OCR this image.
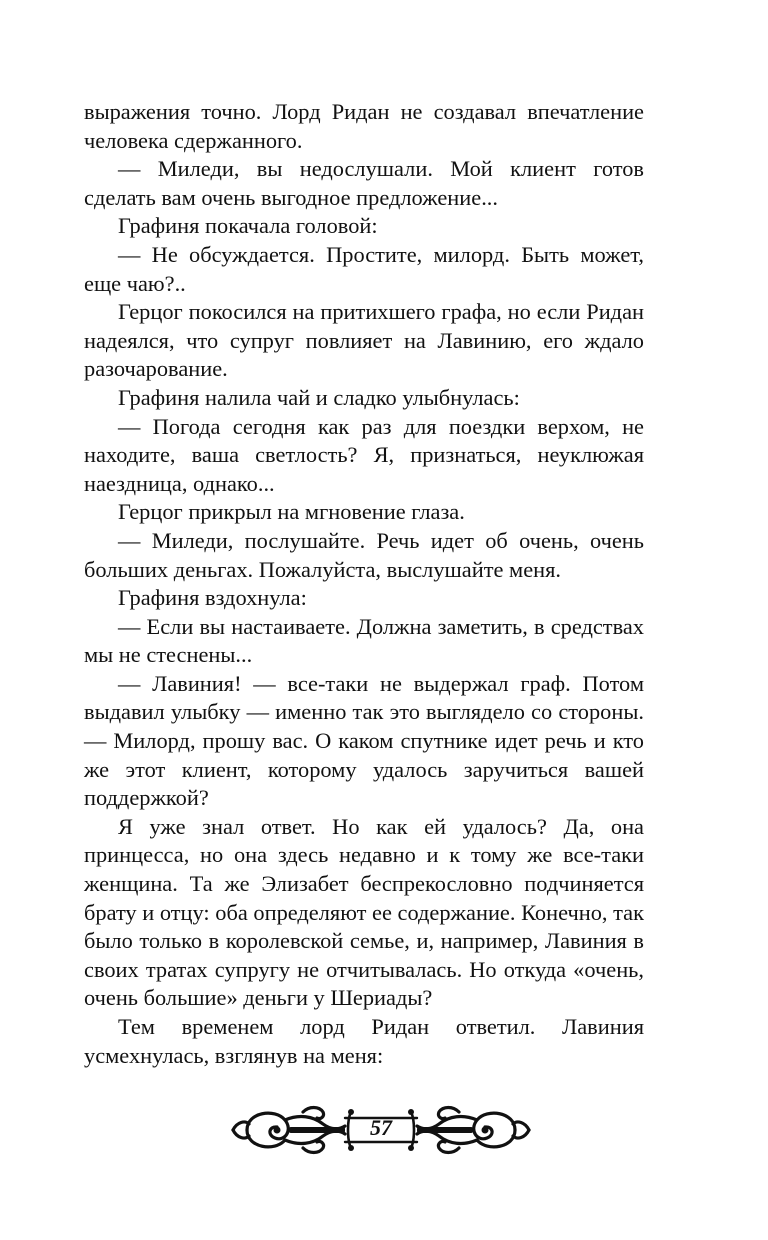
выражения точно. Лорд Ридан не создавал впечатление человека сдержанного.

— Миледи, вы недослушали. Мой клиент готов сделать вам очень выгодное предложение...

Графиня покачала головой:

— Не обсуждается. Простите, милорд. Быть может, еще чаю?..

Герцог покосился на притихшего графа, но если Ридан надеялся, что супруг повлияет на Лавинию, его ждало разочарование.

Графиня налила чай и сладко улыбнулась:

— Погода сегодня как раз для поездки верхом, не находите, ваша светлость? Я, признаться, неуклюжая наездница, однако...

Герцог прикрыл на мгновение глаза.

— Миледи, послушайте. Речь идет об очень, очень больших деньгах. Пожалуйста, выслушайте меня.

Графиня вздохнула:

— Если вы настаиваете. Должна заметить, в средствах мы не стеснены...

— Лавиния! — все-таки не выдержал граф. Потом выдавил улыбку — именно так это выглядело со стороны. — Милорд, прошу вас. О каком спутнике идет речь и кто же этот клиент, которому удалось заручиться вашей поддержкой?

Я уже знал ответ. Но как ей удалось? Да, она принцесса, но она здесь недавно и к тому же все-таки женщина. Та же Элизабет беспрекословно подчиняется брату и отцу: оба определяют ее содержание. Конечно, так было только в королевской семье, и, например, Лавиния в своих тратах супругу не отчитывалась. Но откуда «очень, очень большие» деньги у Шериады?

Тем временем лорд Ридан ответил. Лавиния усмехнулась, взглянув на меня:

57
